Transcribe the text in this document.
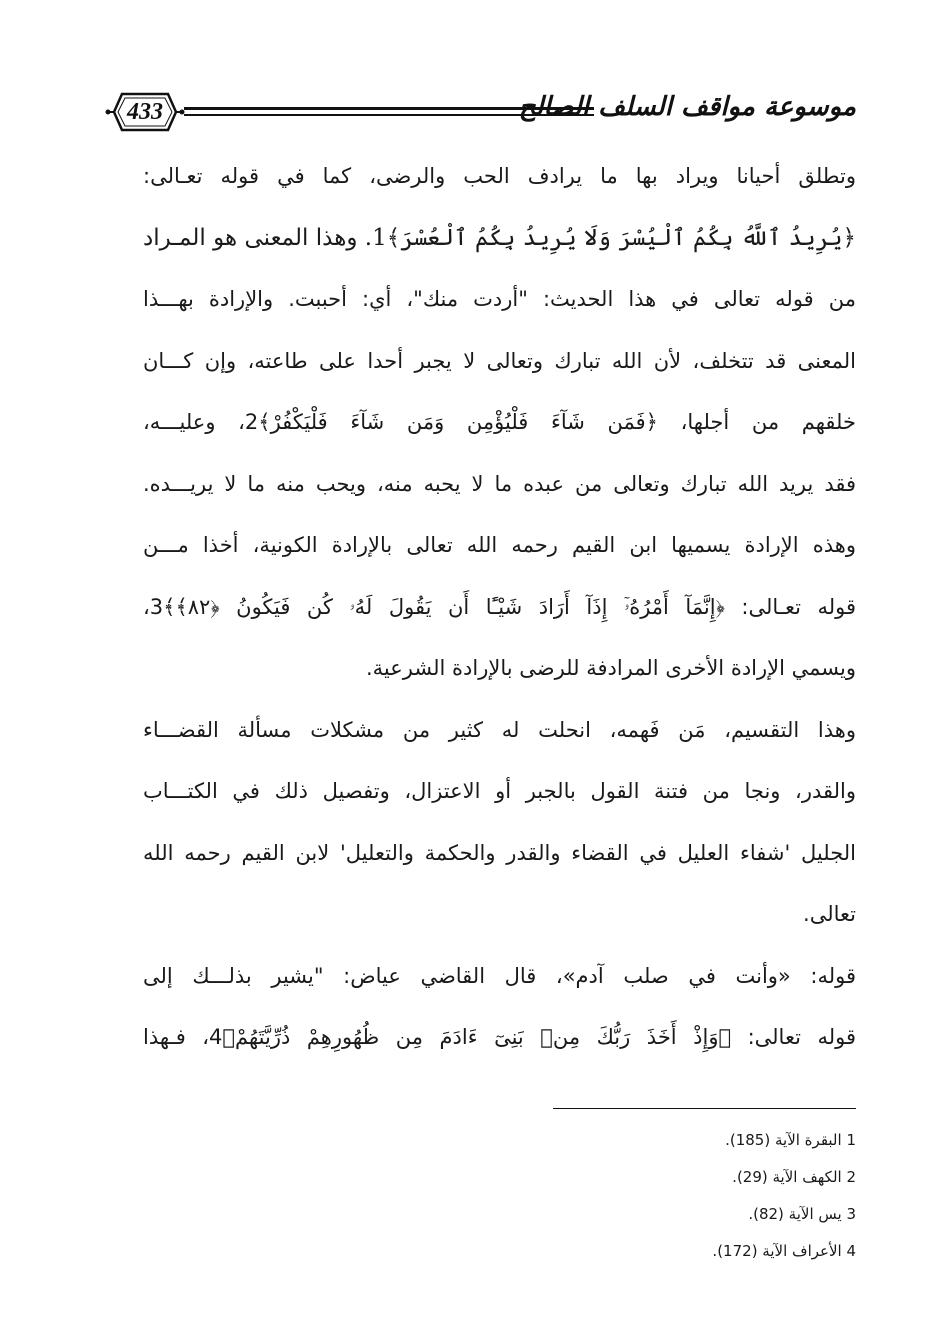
433	موسوعة مواقف السلف الصالح
وتطلق أحيانا ويراد بها ما يرادف الحب والرضى، كما في قوله تعـالى:
﴿يُرِيدُ ٱللَّهُ بِكُمُ ٱلْيُسْرَ وَلَا يُرِيدُ بِكُمُ ٱلْعُسْرَ﴾1. وهذا المعنى هو المـراد
من قوله تعالى في هذا الحديث: "أردت منك"، أي: أحببت. والإرادة بهـــذا
المعنى قد تتخلف، لأن الله تبارك وتعالى لا يجبر أحدا على طاعته، وإن كـــان
خلقهم من أجلها، ﴿فَمَن شَآءَ فَلْيُؤْمِن وَمَن شَآءَ فَلْيَكْفُرْ﴾2، وعليـــه،
فقد يريد الله تبارك وتعالى من عبده ما لا يحبه منه، ويحب منه ما لا يريـــده.
وهذه الإرادة يسميها ابن القيم رحمه الله تعالى بالإرادة الكونية، أخذا مـــن
قوله تعـالى: ﴿إِنَّمَآ أَمْرُهُۥٓ إِذَآ أَرَادَ شَيْـًٔا أَن يَقُولَ لَهُۥ كُن فَيَكُونُ ﴿٨٢﴾﴾3،
ويسمي الإرادة الأخرى المرادفة للرضى بالإرادة الشرعية.
وهذا التقسيم، مَن فَهمه، انحلت له كثير من مشكلات مسألة القضـــاء
والقدر، ونجا من فتنة القول بالجبر أو الاعتزال، وتفصيل ذلك في الكتـــاب
الجليل 'شفاء العليل في القضاء والقدر والحكمة والتعليل' لابن القيم رحمه الله
تعالى.
قوله: «وأنت في صلب آدم»، قال القاضي عياض: "يشير بذلـــك إلى
قوله تعالى: ﴿وَإِذْ أَخَذَ رَبُّكَ مِنۢ بَنِىٓ ءَادَمَ مِن ظُهُورِهِمْ ذُرِّيَّتَهُمْ﴾4، فـهذا
1 البقرة الآية (185).
2 الكهف الآية (29).
3 يس الآية (82).
4 الأعراف الآية (172).
